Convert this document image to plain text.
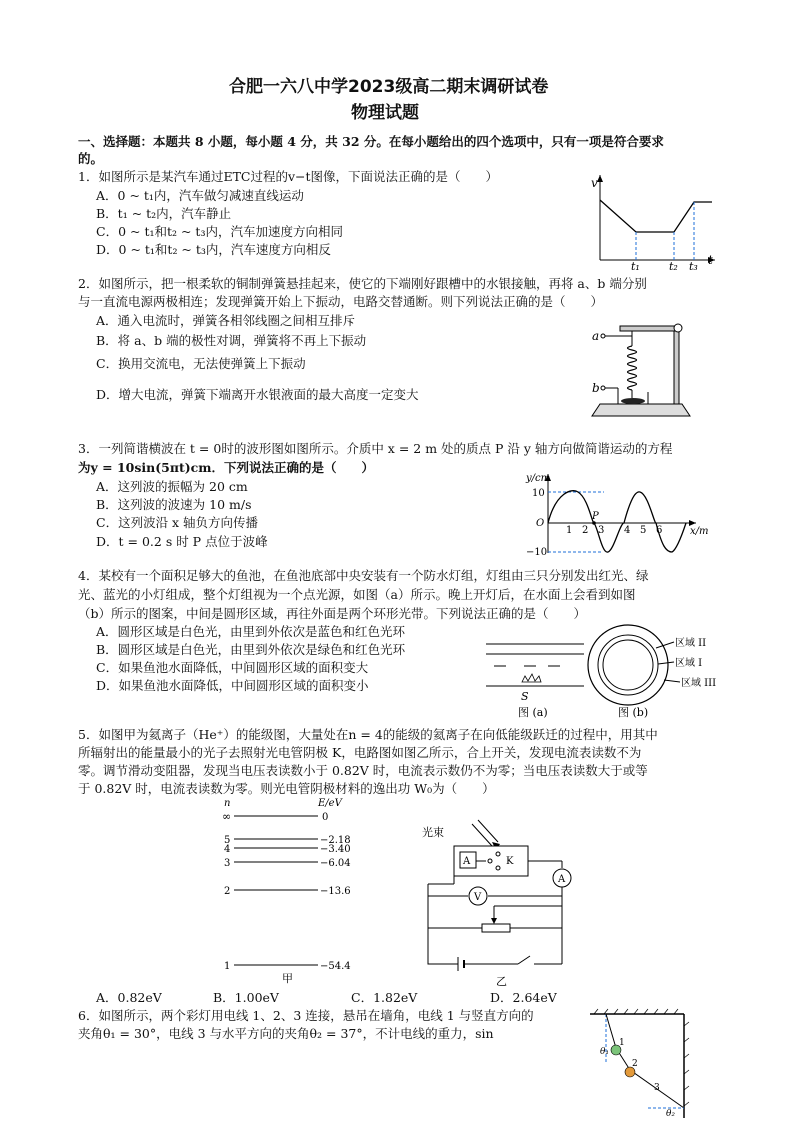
合肥一六八中学2023级高二期末调研试卷
物理试题
一、选择题：本题共 8 小题，每小题 4 分，共 32 分。在每小题给出的四个选项中，只有一项是符合要求
的。
1．如图所示是某汽车通过ETC过程的v−t图像，下面说法正确的是（　　）
A．0 ~ t₁内，汽车做匀减速直线运动
B．t₁ ~ t₂内，汽车静止
C．0 ~ t₁和t₂ ~ t₃内，汽车加速度方向相同
D．0 ~ t₁和t₂ ~ t₃内，汽车速度方向相反
v
t
t₁	t₂ t₃
2．如图所示，把一根柔软的铜制弹簧悬挂起来，使它的下端刚好跟槽中的水银接触，再将 a、b 端分别
与一直流电源两极相连；发现弹簧开始上下振动，电路交替通断。则下列说法正确的是（　　）
A．通入电流时，弹簧各相邻线圈之间相互排斥
B．将 a、b 端的极性对调，弹簧将不再上下振动
C．换用交流电，无法使弹簧上下振动
D．增大电流，弹簧下端离开水银液面的最大高度一定变大
a
b
3．一列简谐横波在 t = 0时的波形图如图所示。介质中 x = 2 m 处的质点 P 沿 y 轴方向做简谐运动的方程
为y = 10sin(5πt)cm．下列说法正确的是（　　）
A．这列波的振幅为 20 cm
B．这列波的波速为 10 m/s
C．这列波沿 x 轴负方向传播
D．t = 0.2 s 时 P 点位于波峰
y/cm
x/m
10
−10
O
P
1 2 3 4 5 6
4．某校有一个面积足够大的鱼池，在鱼池底部中央安装有一个防水灯组，灯组由三只分别发出红光、绿
光、蓝光的小灯组成，整个灯组视为一个点光源，如图（a）所示。晚上开灯后，在水面上会看到如图
（b）所示的图案，中间是圆形区域，再往外面是两个环形光带。下列说法正确的是（　　）
A．圆形区域是白色光，由里到外依次是蓝色和红色光环
B．圆形区域是白色光，由里到外依次是绿色和红色光环
C．如果鱼池水面降低，中间圆形区域的面积变大
D．如果鱼池水面降低，中间圆形区域的面积变小
S
图 (a)
区域 II
区域 I
区域 III
图 (b)
5．如图甲为氦离子（He⁺）的能级图，大量处在n = 4的能级的氦离子在向低能级跃迁的过程中，用其中
所辐射出的能量最小的光子去照射光电管阴极 K，电路图如图乙所示，合上开关，发现电流表读数不为
零。调节滑动变阻器，发现当电压表读数小于 0.82V 时，电流表示数仍不为零；当电压表读数大于或等
于 0.82V 时，电流表读数为零。则光电管阴极材料的逸出功 W₀为（　　）
n	E/eV
∞	0
5	−2.18
4	−3.40
3	−6.04
2	−13.6
1	−54.4
甲
光束
A	K
A
V
乙
A．0.82eV	B．1.00eV	C．1.82eV	D．2.64eV
6．如图所示，两个彩灯用电线 1、2、3 连接，悬吊在墙角，电线 1 与竖直方向的
夹角θ₁ = 30°，电线 3 与水平方向的夹角θ₂ = 37°，不计电线的重力，sin
θ₁
1
2
3
θ₂
